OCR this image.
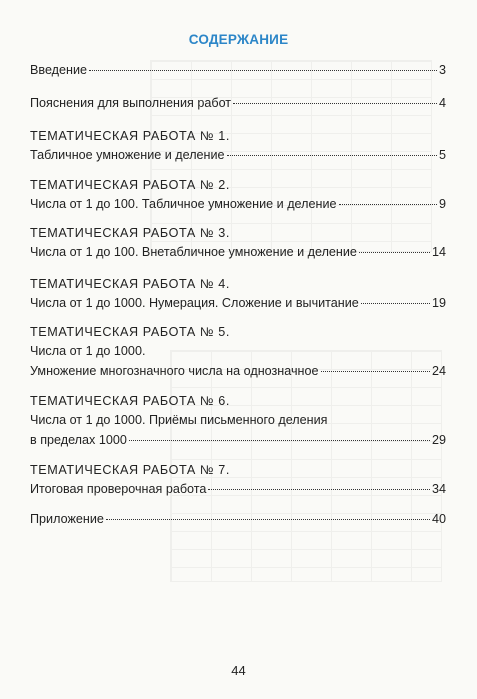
СОДЕРЖАНИЕ
Введение	3
Пояснения для выполнения работ	4
ТЕМАТИЧЕСКАЯ РАБОТА № 1.
Табличное умножение и деление	5
ТЕМАТИЧЕСКАЯ РАБОТА № 2.
Числа от 1 до 100. Табличное умножение и деление	9
ТЕМАТИЧЕСКАЯ РАБОТА № 3.
Числа от 1 до 100. Внетабличное умножение и деление	14
ТЕМАТИЧЕСКАЯ РАБОТА № 4.
Числа от 1 до 1000. Нумерация. Сложение и вычитание	19
ТЕМАТИЧЕСКАЯ РАБОТА № 5.
Числа от 1 до 1000.
Умножение многозначного числа на однозначное	24
ТЕМАТИЧЕСКАЯ РАБОТА № 6.
Числа от 1 до 1000. Приёмы письменного деления
в пределах 1000	29
ТЕМАТИЧЕСКАЯ РАБОТА № 7.
Итоговая проверочная работа	34
Приложение	40
44
